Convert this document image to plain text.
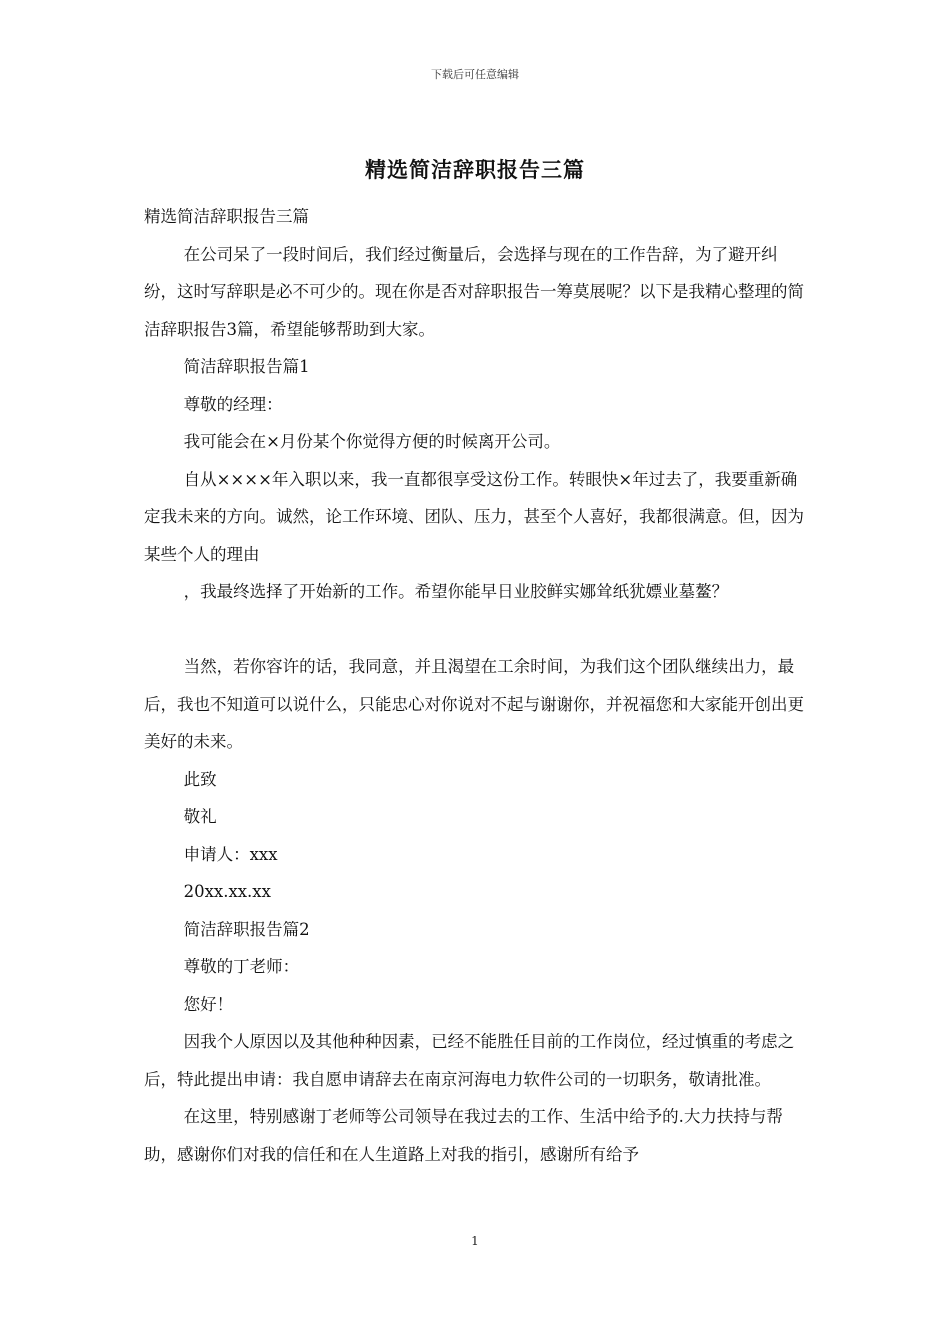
下载后可任意编辑
精选简洁辞职报告三篇

精选简洁辞职报告三篇

在公司呆了一段时间后，我们经过衡量后，会选择与现在的工作告辞，为了避开纠纷，这时写辞职是必不可少的。现在你是否对辞职报告一筹莫展呢？以下是我精心整理的简洁辞职报告3篇，希望能够帮助到大家。

简洁辞职报告篇1

尊敬的经理：

我可能会在×月份某个你觉得方便的时候离开公司。

自从××××年入职以来，我一直都很享受这份工作。转眼快×年过去了，我要重新确定我未来的方向。诚然，论工作环境、团队、压力，甚至个人喜好，我都很满意。但，因为某些个人的理由

，我最终选择了开始新的工作。希望你能早日业胶鲜实娜耸纸犹嫖业墓鳌？

当然，若你容许的话，我同意，并且渴望在工余时间，为我们这个团队继续出力，最后，我也不知道可以说什么，只能忠心对你说对不起与谢谢你，并祝福您和大家能开创出更美好的未来。

此致

敬礼

申请人：xxx

20xx.xx.xx

简洁辞职报告篇2

尊敬的丁老师：

您好！

因我个人原因以及其他种种因素，已经不能胜任目前的工作岗位，经过慎重的考虑之后，特此提出申请：我自愿申请辞去在南京河海电力软件公司的一切职务，敬请批准。

在这里，特别感谢丁老师等公司领导在我过去的工作、生活中给予的.大力扶持与帮助，感谢你们对我的信任和在人生道路上对我的指引，感谢所有给予

1
